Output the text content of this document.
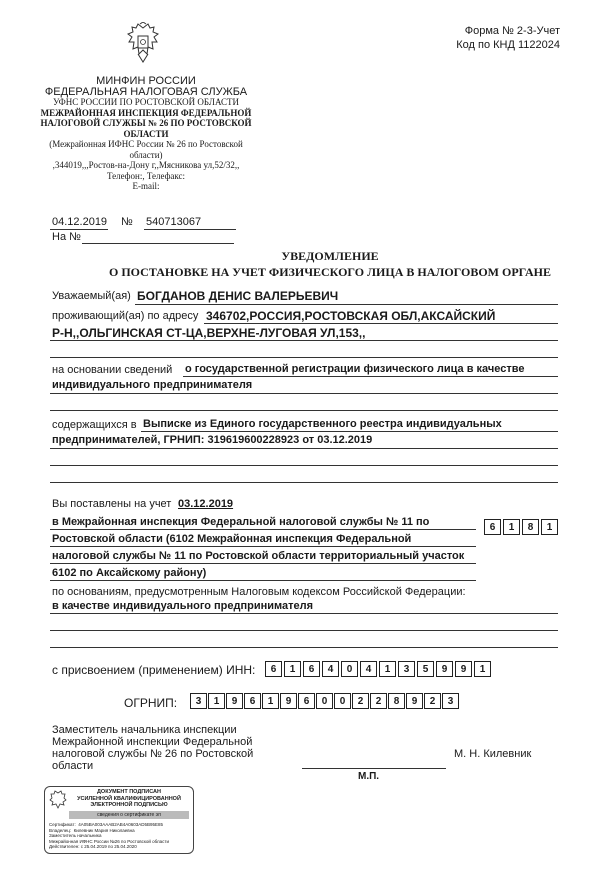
Форма № 2-3-Учет
Код по КНД 1122024
МИНФИН РОССИИ
ФЕДЕРАЛЬНАЯ НАЛОГОВАЯ СЛУЖБА
УФНС РОССИИ ПО РОСТОВСКОЙ ОБЛАСТИ
МЕЖРАЙОННАЯ ИНСПЕКЦИЯ ФЕДЕРАЛЬНОЙ
НАЛОГОВОЙ СЛУЖБЫ № 26 ПО РОСТОВСКОЙ
ОБЛАСТИ
(Межрайонная ИФНС России № 26 по Ростовской
области)
,344019,,,Ростов-на-Дону г,,Мясникова ул,52/32,,
Телефон:, Телефакс:
E-mail:
04.12.2019 № 540713067
На №
УВЕДОМЛЕНИЕ
О ПОСТАНОВКЕ НА УЧЕТ ФИЗИЧЕСКОГО ЛИЦА В НАЛОГОВОМ ОРГАНЕ
Уважаемый(ая) БОГДАНОВ ДЕНИС ВАЛЕРЬЕВИЧ
проживающий(ая) по адресу 346702,РОССИЯ,РОСТОВСКАЯ ОБЛ,АКСАЙСКИЙ
Р-Н,,ОЛЬГИНСКАЯ СТ-ЦА,ВЕРХНЕ-ЛУГОВАЯ УЛ,153,,
на основании сведений о государственной регистрации физического лица в качестве
индивидуального предпринимателя
содержащихся в Выписке из Единого государственного реестра индивидуальных
предпринимателей, ГРНИП: 319619600228923 от 03.12.2019
Вы поставлены на учет 03.12.2019
в Межрайонная инспекция Федеральной налоговой службы № 11 по
Ростовской области (6102 Межрайонная инспекция Федеральной
налоговой службы № 11 по Ростовской области территориальный участок
6102 по Аксайскому району)
6	1	8	1
по основаниям, предусмотренным Налоговым кодексом Российской Федерации:
в качестве индивидуального предпринимателя
с присвоением (применением) ИНН:	6	1	6	4	0	4	1	3	5	9	9	1
ОГРНИП:	3	1	9	6	1	9	6	0	0	2	2	8	9	2	3
Заместитель начальника инспекции
Межрайонной инспекции Федеральной
налоговой службы № 26 по Ростовской
области
М. Н. Килевник
М.П.
ДОКУМЕНТ ПОДПИСАН
УСИЛЕННОЙ КВАЛИФИЦИРОВАННОЙ
ЭЛЕКТРОННОЙ ПОДПИСЬЮ
сведения о сертификате эп
Сертификат: 4A05BA003AAAB2AB4A0603AD5B95E85
Владелец: Килевник Мария Николаевна
Заместитель начальника
Межрайонная ИФНС России №26 по Ростовской области
Действителен: с 25.04.2019 по 25.04.2020
